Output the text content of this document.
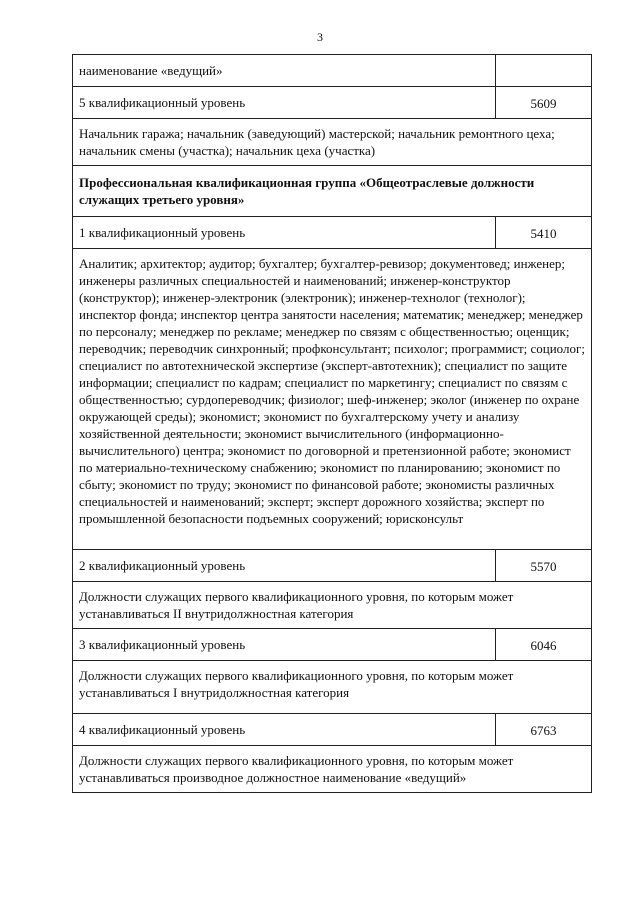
3
наименование «ведущий»
5 квалификационный уровень	5609
Начальник гаража; начальник (заведующий) мастерской; начальник ремонтного цеха; начальник смены (участка); начальник цеха (участка)
Профессиональная квалификационная группа «Общеотраслевые должности служащих третьего уровня»
1 квалификационный уровень	5410
Аналитик; архитектор; аудитор; бухгалтер; бухгалтер-ревизор; документовед; инженер; инженеры различных специальностей и наименований; инженер-конструктор (конструктор); инженер-электроник (электроник); инженер-технолог (технолог); инспектор фонда; инспектор центра занятости населения; математик; менеджер; менеджер по персоналу; менеджер по рекламе; менеджер по связям с общественностью; оценщик; переводчик; переводчик синхронный; профконсультант; психолог; программист; социолог; специалист по автотехнической экспертизе (эксперт-автотехник); специалист по защите информации; специалист по кадрам; специалист по маркетингу; специалист по связям с общественностью; сурдопереводчик; физиолог; шеф-инженер; эколог (инженер по охране окружающей среды); экономист; экономист по бухгалтерскому учету и анализу хозяйственной деятельности; экономист вычислительного (информационно-вычислительного) центра; экономист по договорной и претензионной работе; экономист по материально-техническому снабжению; экономист по планированию; экономист по сбыту; экономист по труду; экономист по финансовой работе; экономисты различных специальностей и наименований; эксперт; эксперт дорожного хозяйства; эксперт по промышленной безопасности подъемных сооружений; юрисконсульт
2 квалификационный уровень	5570
Должности служащих первого квалификационного уровня, по которым может устанавливаться II внутридолжностная категория
3 квалификационный уровень	6046
Должности служащих первого квалификационного уровня, по которым может устанавливаться I внутридолжностная категория
4 квалификационный уровень	6763
Должности служащих первого квалификационного уровня, по которым может устанавливаться производное должностное наименование «ведущий»
